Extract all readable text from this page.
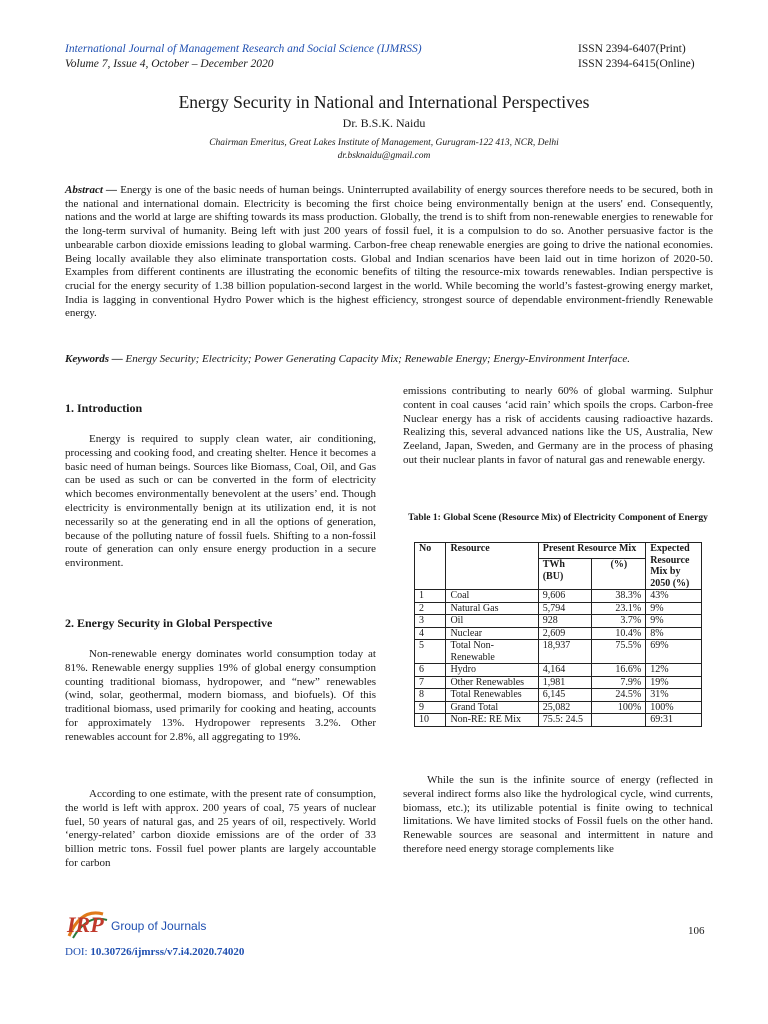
International Journal of Management Research and Social Science (IJMRSS)
Volume 7, Issue 4, October – December 2020
ISSN 2394-6407(Print)
ISSN 2394-6415(Online)
Energy Security in National and International Perspectives
Dr. B.S.K. Naidu
Chairman Emeritus, Great Lakes Institute of Management, Gurugram-122 413, NCR, Delhi
dr.bsknaidu@gmail.com
Abstract — Energy is one of the basic needs of human beings. Uninterrupted availability of energy sources therefore needs to be secured, both in the national and international domain. Electricity is becoming the first choice being environmentally benign at the users' end. Consequently, nations and the world at large are shifting towards its mass production. Globally, the trend is to shift from non-renewable energies to renewable for the long-term survival of humanity. Being left with just 200 years of fossil fuel, it is a compulsion to do so. Another persuasive factor is the unbearable carbon dioxide emissions leading to global warming. Carbon-free cheap renewable energies are going to drive the national economies. Being locally available they also eliminate transportation costs. Global and Indian scenarios have been laid out in time horizon of 2020-50. Examples from different continents are illustrating the economic benefits of tilting the resource-mix towards renewables. Indian perspective is crucial for the energy security of 1.38 billion population-second largest in the world. While becoming the world’s fastest-growing energy market, India is lagging in conventional Hydro Power which is the highest efficiency, strongest source of dependable environment-friendly Renewable energy.
Keywords — Energy Security; Electricity; Power Generating Capacity Mix; Renewable Energy; Energy-Environment Interface.
1. Introduction

Energy is required to supply clean water, air conditioning, processing and cooking food, and creating shelter. Hence it becomes a basic need of human beings. Sources like Biomass, Coal, Oil, and Gas can be used as such or can be converted in the form of electricity which becomes environmentally benevolent at the users’ end. Though electricity is environmentally benign at its utilization end, it is not necessarily so at the generating end in all the options of generation, because of the polluting nature of fossil fuels. Shifting to a non-fossil route of generation can only ensure energy production in a secure environment.

2. Energy Security in Global Perspective

Non-renewable energy dominates world consumption today at 81%. Renewable energy supplies 19% of global energy consumption counting traditional biomass, hydropower, and “new” renewables (wind, solar, geothermal, modern biomass, and biofuels). Of this traditional biomass, used primarily for cooking and heating, accounts for approximately 13%. Hydropower represents 3.2%. Other renewables account for 2.8%, all aggregating to 19%.

According to one estimate, with the present rate of consumption, the world is left with approx. 200 years of coal, 75 years of nuclear fuel, 50 years of natural gas, and 25 years of oil, respectively. World ‘energy-related’ carbon dioxide emissions are of the order of 33 billion metric tons. Fossil fuel power plants are largely accountable for carbon

emissions contributing to nearly 60% of global warming. Sulphur content in coal causes ‘acid rain’ which spoils the crops. Carbon-free Nuclear energy has a risk of accidents causing radioactive hazards. Realizing this, several advanced nations like the US, Australia, New Zeeland, Japan, Sweden, and Germany are in the process of phasing out their nuclear plants in favor of natural gas and renewable energy.

Table 1: Global Scene (Resource Mix) of Electricity Component of Energy
No	Resource	Present Resource Mix		Expected Resource Mix by 2050 (%)
		TWh (BU)	(%)	
1	Coal	9,606	38.3%	43%
2	Natural Gas	5,794	23.1%	9%
3	Oil	928	3.7%	9%
4	Nuclear	2,609	10.4%	8%
5	Total Non-Renewable	18,937	75.5%	69%
6	Hydro	4,164	16.6%	12%
7	Other Renewables	1,981	7.9%	19%
8	Total Renewables	6,145	24.5%	31%
9	Grand Total	25,082	100%	100%
10	Non-RE: RE Mix	75.5: 24.5		69:31

While the sun is the infinite source of energy (reflected in several indirect forms also like the hydrological cycle, wind currents, biomass, etc.); its utilizable potential is finite owing to technical limitations. We have limited stocks of Fossil fuels on the other hand. Renewable sources are seasonal and intermittent in nature and therefore need energy storage complements like

IRP Group of Journals
DOI: 10.30726/ijmrss/v7.i4.2020.74020
106
